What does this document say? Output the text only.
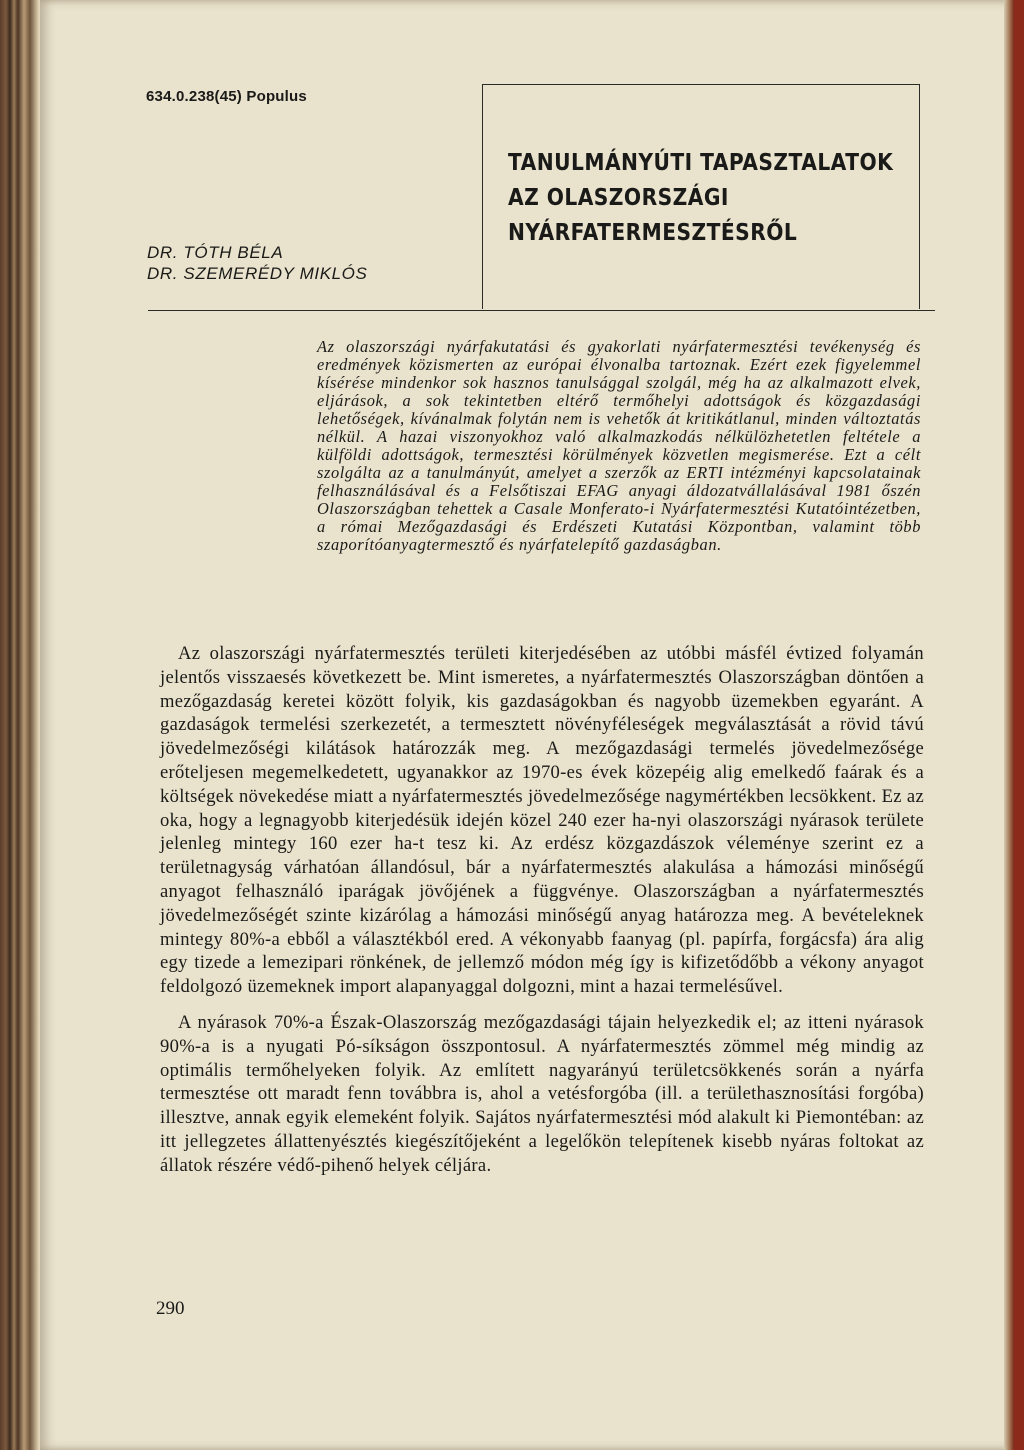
634.0.238(45) Populus
DR. TÓTH BÉLA
DR. SZEMERÉDY MIKLÓS
TANULMÁNYÚTI TAPASZTALATOK
AZ OLASZORSZÁGI
NYÁRFATERMESZTÉSRŐL
Az olaszországi nyárfakutatási és gyakorlati nyárfatermesztési tevékenység és eredmények közismerten az európai élvonalba tartoznak. Ezért ezek figyelemmel kísérése mindenkor sok hasznos tanulsággal szolgál, még ha az alkalmazott elvek, eljárások, a sok tekintetben eltérő termőhelyi adottságok és közgazdasági lehetőségek, kívánalmak folytán nem is vehetők át kritikátlanul, minden változtatás nélkül. A hazai viszonyokhoz való alkalmazkodás nélkülözhetetlen feltétele a külföldi adottságok, termesztési körülmények közvetlen megismerése. Ezt a célt szolgálta az a tanulmányút, amelyet a szerzők az ERTI intézményi kapcsolatainak felhasználásával és a Felsőtiszai EFAG anyagi áldozatvállalásával 1981 őszén Olaszországban tehettek a Casale Monferato-i Nyárfatermesztési Kutatóintézetben, a római Mezőgazdasági és Erdészeti Kutatási Központban, valamint több szaporítóanyagtermesztő és nyárfatelepítő gazdaságban.

Az olaszországi nyárfatermesztés területi kiterjedésében az utóbbi másfél évtized folyamán jelentős visszaesés következett be. Mint ismeretes, a nyárfatermesztés Olaszországban döntően a mezőgazdaság keretei között folyik, kis gazdaságokban és nagyobb üzemekben egyaránt. A gazdaságok termelési szerkezetét, a termesztett növényféleségek megválasztását a rövid távú jövedelmezőségi kilátások határozzák meg. A mezőgazdasági termelés jövedelmezősége erőteljesen megemelkedetett, ugyanakkor az 1970-es évek közepéig alig emelkedő faárak és a költségek növekedése miatt a nyárfatermesztés jövedelmezősége nagymértékben lecsökkent. Ez az oka, hogy a legnagyobb kiterjedésük idején közel 240 ezer ha-nyi olaszországi nyárasok területe jelenleg mintegy 160 ezer ha-t tesz ki. Az erdész közgazdászok véleménye szerint ez a területnagyság várhatóan állandósul, bár a nyárfatermesztés alakulása a hámozási minőségű anyagot felhasználó iparágak jövőjének a függvénye. Olaszországban a nyárfatermesztés jövedelmezőségét szinte kizárólag a hámozási minőségű anyag határozza meg. A bevételeknek mintegy 80%-a ebből a választékból ered. A vékonyabb faanyag (pl. papírfa, forgácsfa) ára alig egy tizede a lemezipari rönkének, de jellemző módon még így is kifizetődőbb a vékony anyagot feldolgozó üzemeknek import alapanyaggal dolgozni, mint a hazai termelésűvel.

A nyárasok 70%-a Észak-Olaszország mezőgazdasági tájain helyezkedik el; az itteni nyárasok 90%-a is a nyugati Pó-síkságon összpontosul. A nyárfatermesztés zömmel még mindig az optimális termőhelyeken folyik. Az említett nagyarányú területcsökkenés során a nyárfa termesztése ott maradt fenn továbbra is, ahol a vetésforgóba (ill. a területhasznosítási forgóba) illesztve, annak egyik elemeként folyik. Sajátos nyárfatermesztési mód alakult ki Piemontéban: az itt jellegzetes állattenyésztés kiegészítőjeként a legelőkön telepítenek kisebb nyáras foltokat az állatok részére védő-pihenő helyek céljára.

290
